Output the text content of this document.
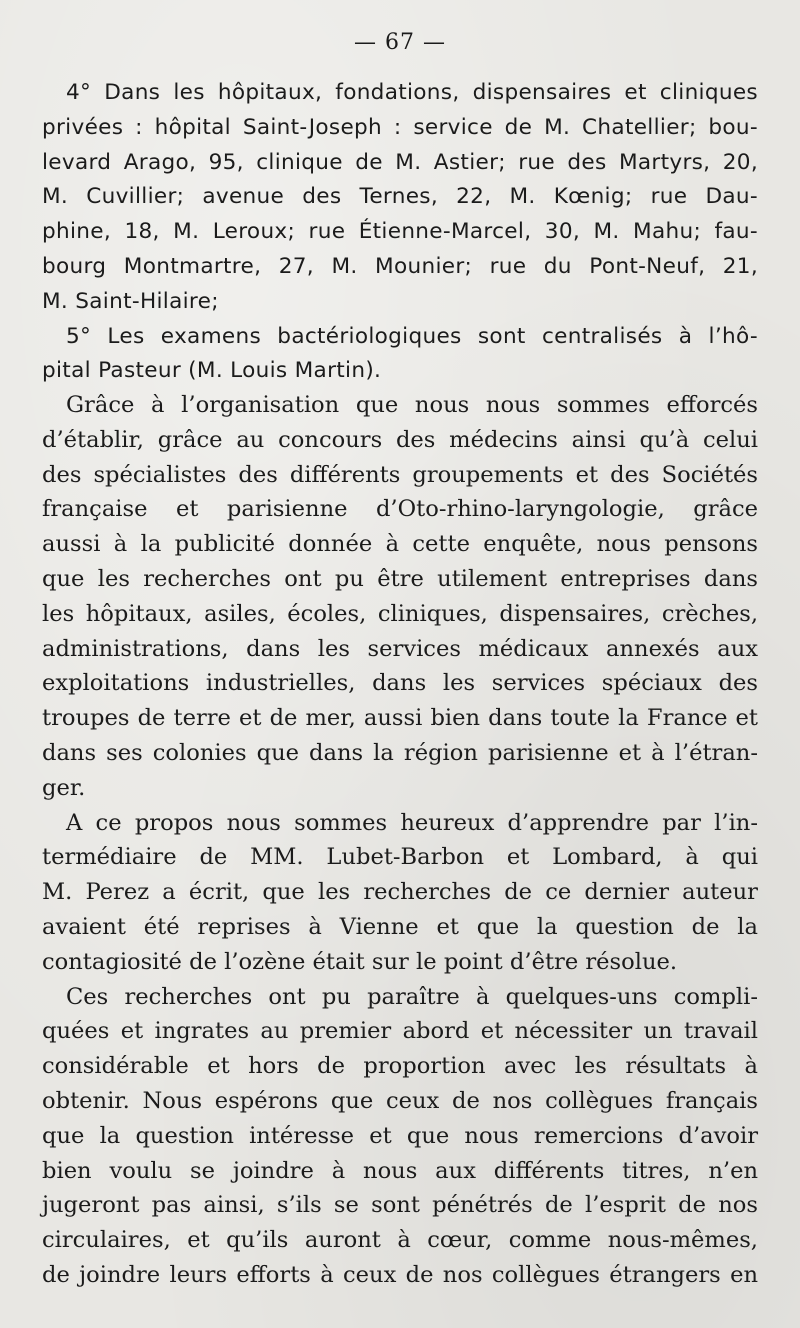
— 67 —
4° Dans les hôpitaux, fondations, dispensaires et cliniques
privées : hôpital Saint-Joseph : service de M. Chatellier; bou-
levard Arago, 95, clinique de M. Astier; rue des Martyrs, 20,
M. Cuvillier; avenue des Ternes, 22, M. Kœnig; rue Dau-
phine, 18, M. Leroux; rue Étienne-Marcel, 30, M. Mahu; fau-
bourg Montmartre, 27, M. Mounier; rue du Pont-Neuf, 21,
M. Saint-Hilaire;
5° Les examens bactériologiques sont centralisés à l’hô-
pital Pasteur (M. Louis Martin).
Grâce à l’organisation que nous nous sommes efforcés
d’établir, grâce au concours des médecins ainsi qu’à celui
des spécialistes des différents groupements et des Sociétés
française et parisienne d’Oto-rhino-laryngologie, grâce
aussi à la publicité donnée à cette enquête, nous pensons
que les recherches ont pu être utilement entreprises dans
les hôpitaux, asiles, écoles, cliniques, dispensaires, crèches,
administrations, dans les services médicaux annexés aux
exploitations industrielles, dans les services spéciaux des
troupes de terre et de mer, aussi bien dans toute la France et
dans ses colonies que dans la région parisienne et à l’étran-
ger.
A ce propos nous sommes heureux d’apprendre par l’in-
termédiaire de MM. Lubet-Barbon et Lombard, à qui
M. Perez a écrit, que les recherches de ce dernier auteur
avaient été reprises à Vienne et que la question de la
contagiosité de l’ozène était sur le point d’être résolue.
Ces recherches ont pu paraître à quelques-uns compli-
quées et ingrates au premier abord et nécessiter un travail
considérable et hors de proportion avec les résultats à
obtenir. Nous espérons que ceux de nos collègues français
que la question intéresse et que nous remercions d’avoir
bien voulu se joindre à nous aux différents titres, n’en
jugeront pas ainsi, s’ils se sont pénétrés de l’esprit de nos
circulaires, et qu’ils auront à cœur, comme nous-mêmes,
de joindre leurs efforts à ceux de nos collègues étrangers en
